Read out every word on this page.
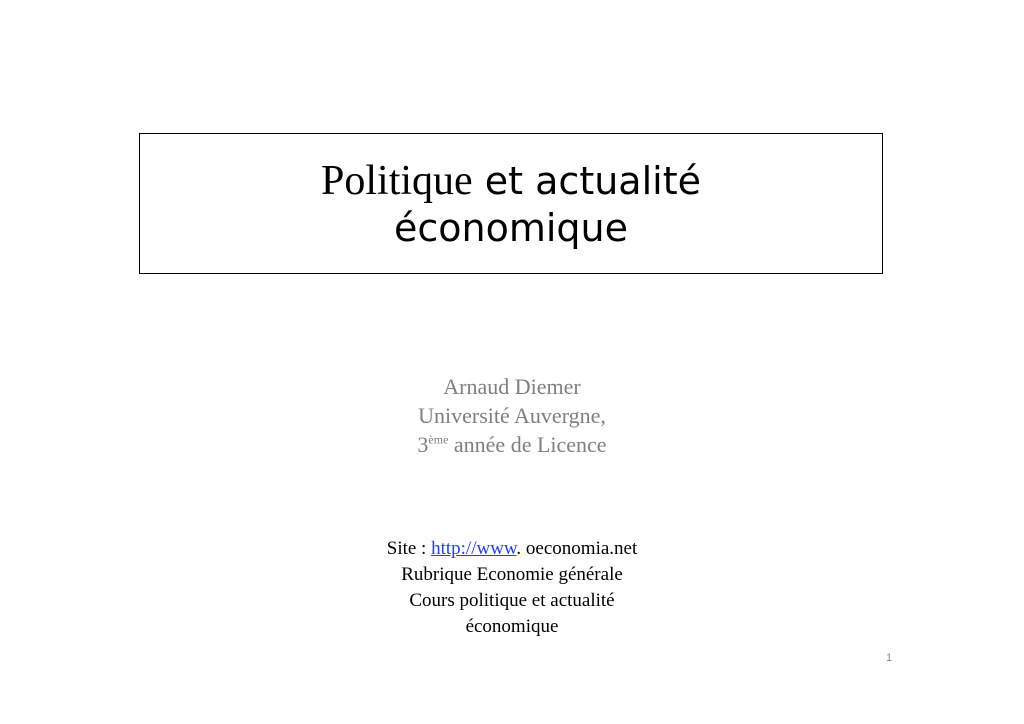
Politique et actualité
économique
Arnaud Diemer
Université Auvergne,
3ème année de Licence
Site : http://www. oeconomia.net
Rubrique Economie générale
Cours politique et actualité
économique
1
